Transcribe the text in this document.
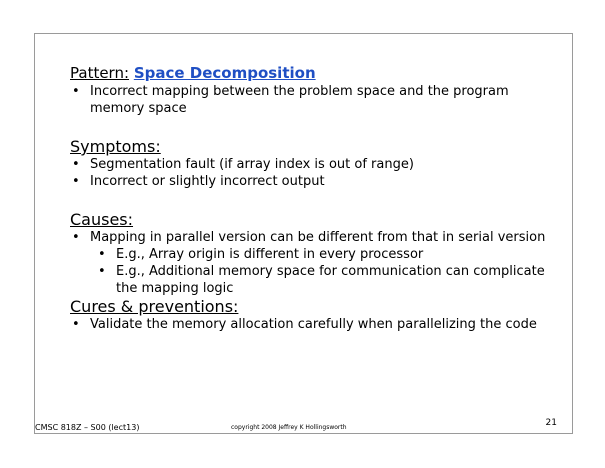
Pattern: Space Decomposition

• Incorrect mapping between the problem space and the program memory space

Symptoms:

• Segmentation fault (if array index is out of range)
• Incorrect or slightly incorrect output

Causes:

• Mapping in parallel version can be different from that in serial version
• E.g., Array origin is different in every processor
• E.g., Additional memory space for communication can complicate the mapping logic

Cures & preventions:

• Validate the memory allocation carefully when parallelizing the code
CMSC 818Z – S00 (lect13)	copyright 2008 Jeffrey K Hollingsworth	21
